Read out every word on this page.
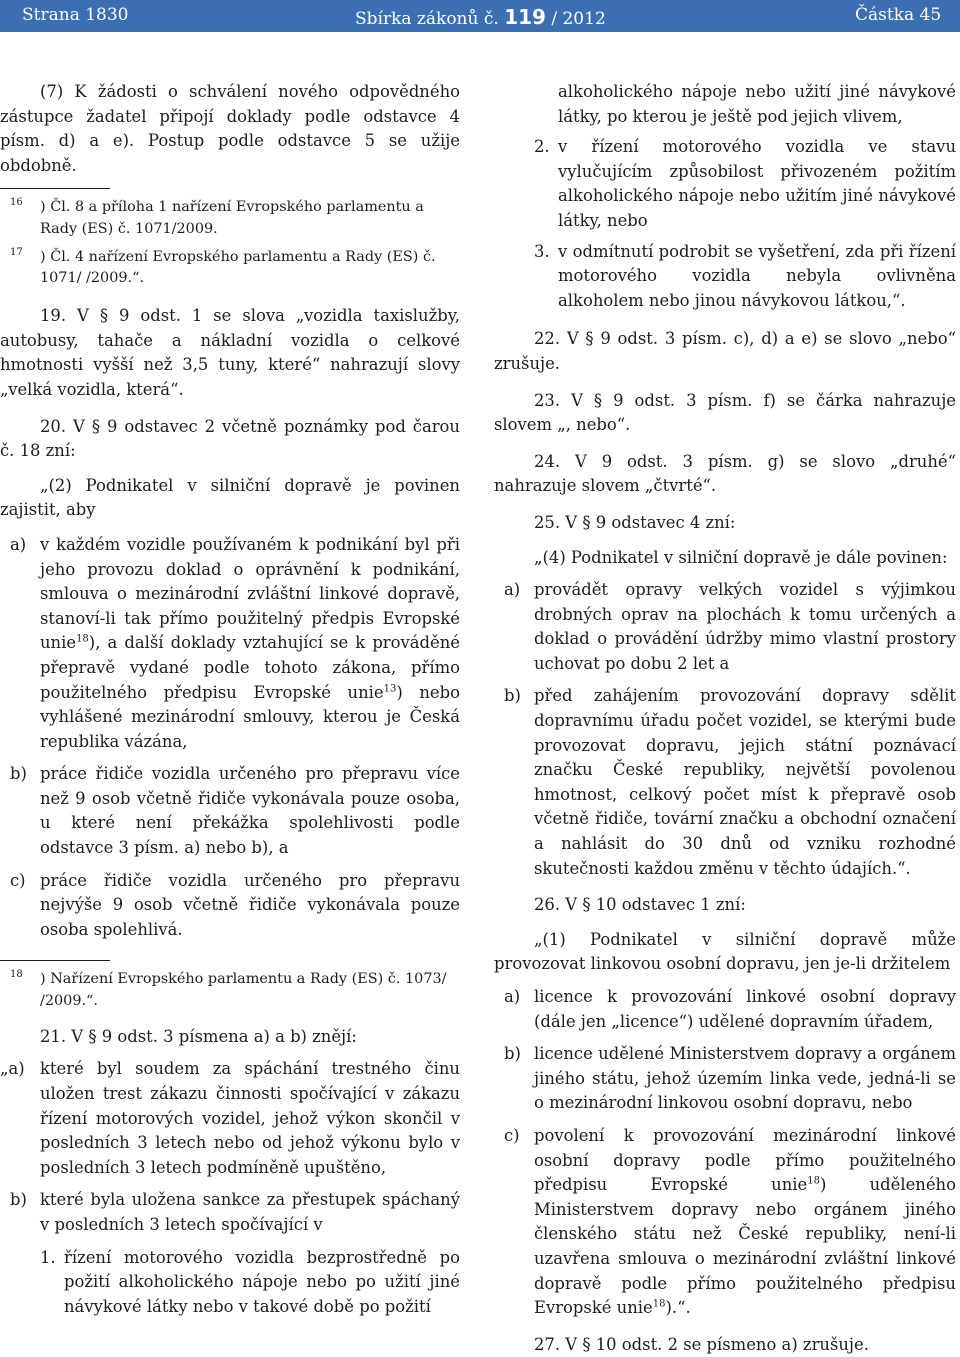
Strana 1830	Sbírka zákonů č. 119 / 2012	Částka 45

(7) K žádosti o schválení nového odpovědného zástupce žadatel připojí doklady podle odstavce 4 písm. d) a e). Postup podle odstavce 5 se užije obdobně.

$^{16}$ ) Čl. 8 a příloha 1 nařízení Evropského parlamentu a Rady (ES) č. 1071/2009.

$^{17}$ ) Čl. 4 nařízení Evropského parlamentu a Rady (ES) č. 1071/ /2009.“.

19. V § 9 odst. 1 se slova „vozidla taxislužby, autobusy, tahače a nákladní vozidla o celkové hmotnosti vyšší než 3,5 tuny, které“ nahrazují slovy „velká vozidla, která“.

20. V § 9 odstavec 2 včetně poznámky pod čarou č. 18 zní:

„(2) Podnikatel v silniční dopravě je povinen zajistit, aby

a) v každém vozidle používaném k podnikání byl při jeho provozu doklad o oprávnění k podnikání, smlouva o mezinárodní zvláštní linkové dopravě, stanoví-li tak přímo použitelný předpis Evropské unie$^{18}$), a další doklady vztahující se k prováděné přepravě vydané podle tohoto zákona, přímo použitelného předpisu Evropské unie$^{13}$) nebo vyhlášené mezinárodní smlouvy, kterou je Česká republika vázána,

b) práce řidiče vozidla určeného pro přepravu více než 9 osob včetně řidiče vykonávala pouze osoba, u které není překážka spolehlivosti podle odstavce 3 písm. a) nebo b), a

c) práce řidiče vozidla určeného pro přepravu nejvýše 9 osob včetně řidiče vykonávala pouze osoba spolehlivá.

$^{18}$ ) Nařízení Evropského parlamentu a Rady (ES) č. 1073/ /2009.“.

21. V § 9 odst. 3 písmena a) a b) znějí:

„a) které byl soudem za spáchání trestného činu uložen trest zákazu činnosti spočívající v zákazu řízení motorových vozidel, jehož výkon skončil v posledních 3 letech nebo od jehož výkonu bylo v posledních 3 letech podmíněně upuštěno,

b) které byla uložena sankce za přestupek spáchaný v posledních 3 letech spočívající v

1. řízení motorového vozidla bezprostředně po požití alkoholického nápoje nebo po užití jiné návykové látky nebo v takové době po požití

alkoholického nápoje nebo užití jiné návykové látky, po kterou je ještě pod jejich vlivem,

2. v řízení motorového vozidla ve stavu vylučujícím způsobilost přivozeném požitím alkoholického nápoje nebo užitím jiné návykové látky, nebo

3. v odmítnutí podrobit se vyšetření, zda při řízení motorového vozidla nebyla ovlivněna alkoholem nebo jinou návykovou látkou,“.

22. V § 9 odst. 3 písm. c), d) a e) se slovo „nebo“ zrušuje.

23. V § 9 odst. 3 písm. f) se čárka nahrazuje slovem „, nebo“.

24. V 9 odst. 3 písm. g) se slovo „druhé“ nahrazuje slovem „čtvrté“.

25. V § 9 odstavec 4 zní:

„(4) Podnikatel v silniční dopravě je dále povinen:

a) provádět opravy velkých vozidel s výjimkou drobných oprav na plochách k tomu určených a doklad o provádění údržby mimo vlastní prostory uchovat po dobu 2 let a

b) před zahájením provozování dopravy sdělit dopravnímu úřadu počet vozidel, se kterými bude provozovat dopravu, jejich státní poznávací značku České republiky, největší povolenou hmotnost, celkový počet míst k přepravě osob včetně řidiče, tovární značku a obchodní označení a nahlásit do 30 dnů od vzniku rozhodné skutečnosti každou změnu v těchto údajích.“.

26. V § 10 odstavec 1 zní:

„(1) Podnikatel v silniční dopravě může provozovat linkovou osobní dopravu, jen je-li držitelem

a) licence k provozování linkové osobní dopravy (dále jen „licence“) udělené dopravním úřadem,

b) licence udělené Ministerstvem dopravy a orgánem jiného státu, jehož územím linka vede, jedná-li se o mezinárodní linkovou osobní dopravu, nebo

c) povolení k provozování mezinárodní linkové osobní dopravy podle přímo použitelného předpisu Evropské unie$^{18}$) uděleného Ministerstvem dopravy nebo orgánem jiného členského státu než České republiky, není-li uzavřena smlouva o mezinárodní zvláštní linkové dopravě podle přímo použitelného předpisu Evropské unie$^{18}$).“.

27. V § 10 odst. 2 se písmeno a) zrušuje.
